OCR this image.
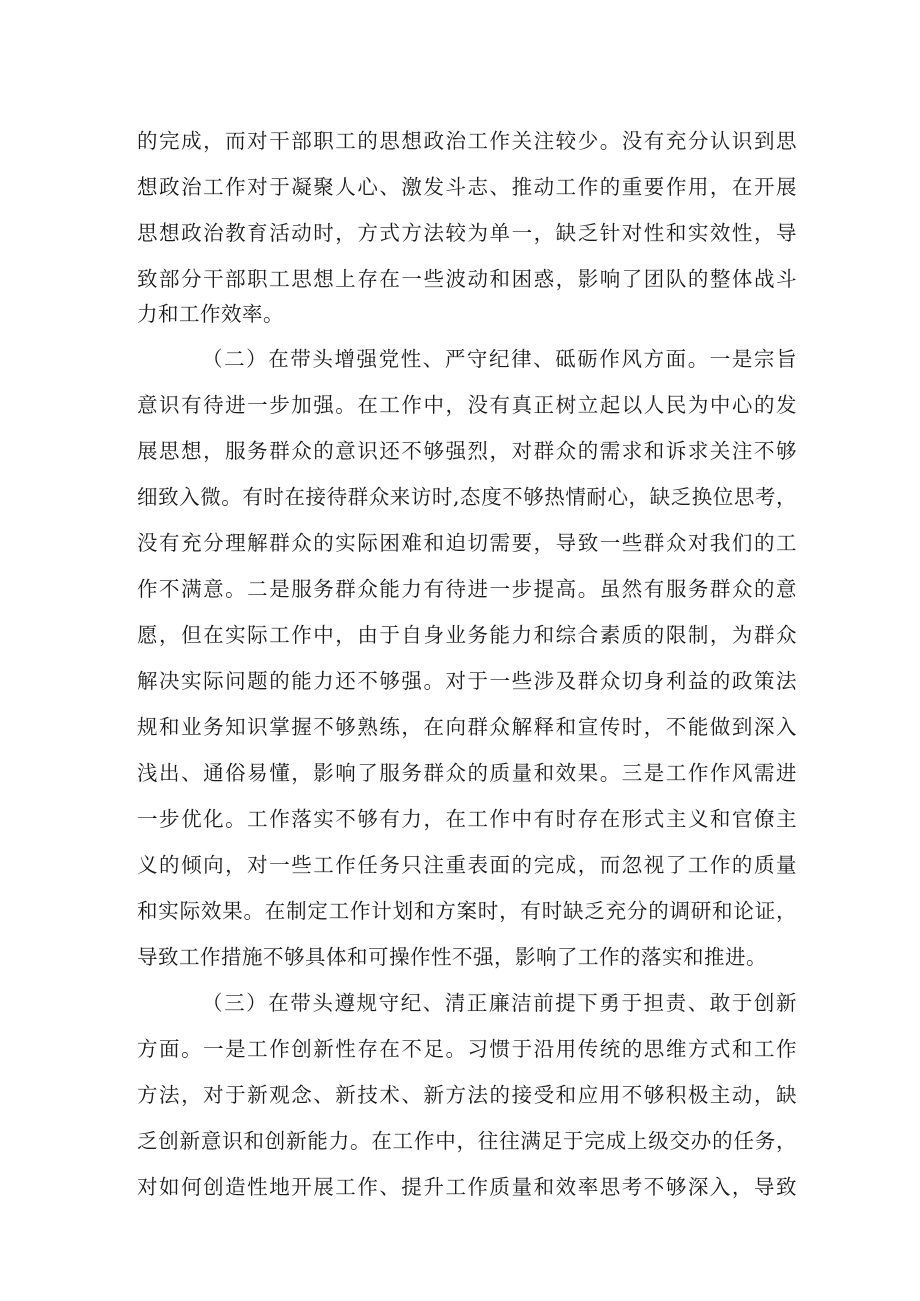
的完成，而对干部职工的思想政治工作关注较少。没有充分认识到思
想政治工作对于凝聚人心、激发斗志、推动工作的重要作用，在开展
思想政治教育活动时，方式方法较为单一，缺乏针对性和实效性，导
致部分干部职工思想上存在一些波动和困惑，影响了团队的整体战斗
力和工作效率。
（二）在带头增强党性、严守纪律、砥砺作风方面。一是宗旨
意识有待进一步加强。在工作中，没有真正树立起以人民为中心的发
展思想，服务群众的意识还不够强烈，对群众的需求和诉求关注不够
细致入微。有时在接待群众来访时,态度不够热情耐心，缺乏换位思考，
没有充分理解群众的实际困难和迫切需要，导致一些群众对我们的工
作不满意。二是服务群众能力有待进一步提高。虽然有服务群众的意
愿，但在实际工作中，由于自身业务能力和综合素质的限制，为群众
解决实际问题的能力还不够强。对于一些涉及群众切身利益的政策法
规和业务知识掌握不够熟练，在向群众解释和宣传时，不能做到深入
浅出、通俗易懂，影响了服务群众的质量和效果。三是工作作风需进
一步优化。工作落实不够有力，在工作中有时存在形式主义和官僚主
义的倾向，对一些工作任务只注重表面的完成，而忽视了工作的质量
和实际效果。在制定工作计划和方案时，有时缺乏充分的调研和论证，
导致工作措施不够具体和可操作性不强，影响了工作的落实和推进。
（三）在带头遵规守纪、清正廉洁前提下勇于担责、敢于创新
方面。一是工作创新性存在不足。习惯于沿用传统的思维方式和工作
方法，对于新观念、新技术、新方法的接受和应用不够积极主动，缺
乏创新意识和创新能力。在工作中，往往满足于完成上级交办的任务，
对如何创造性地开展工作、提升工作质量和效率思考不够深入，导致
